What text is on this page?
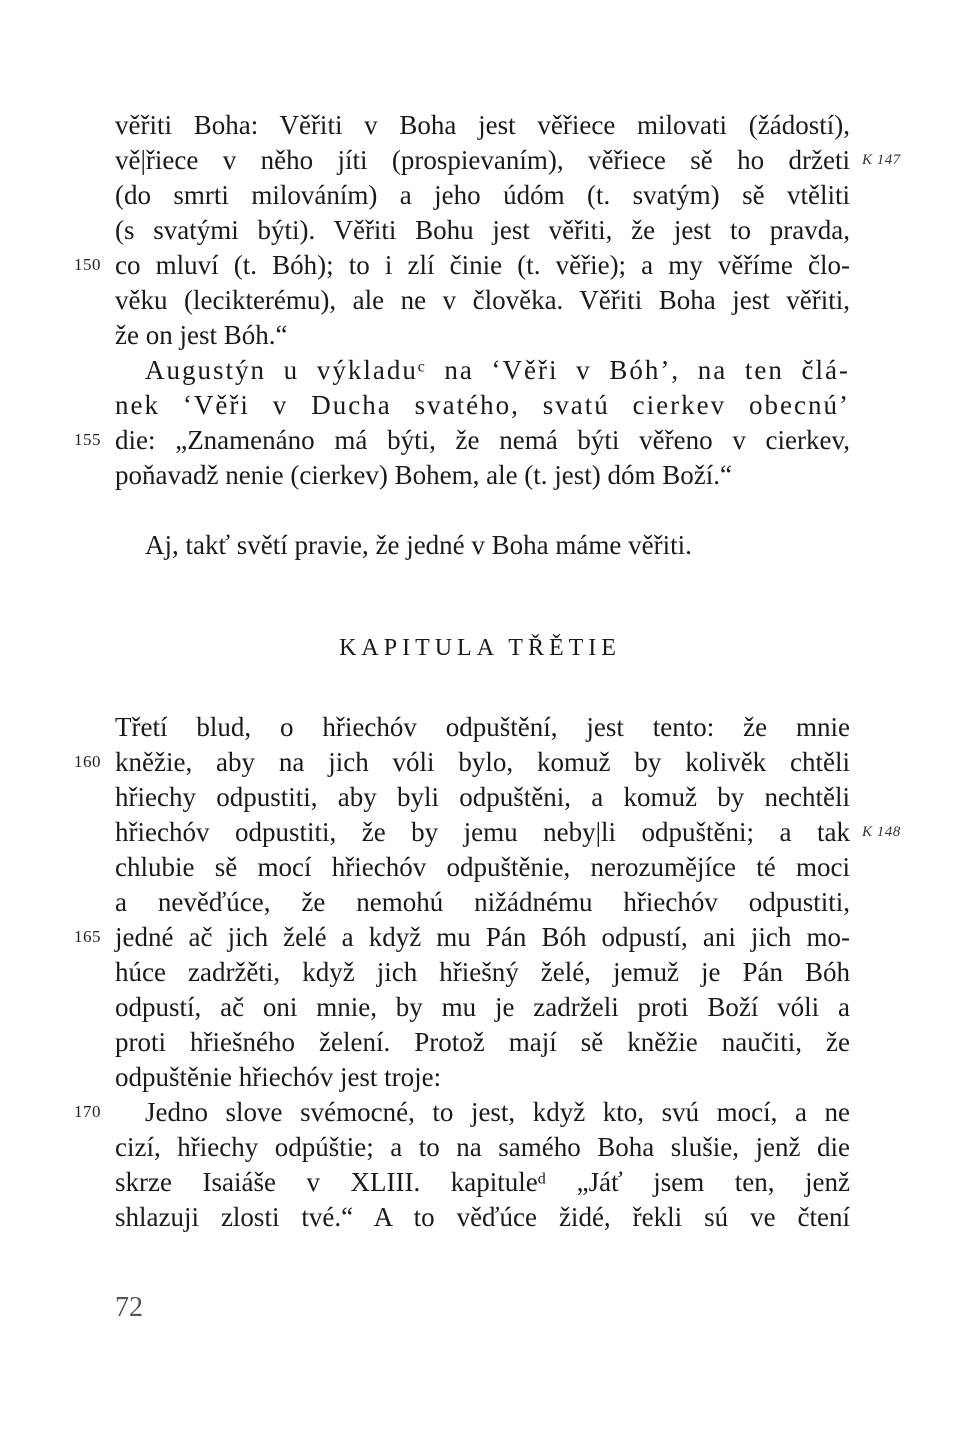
věřiti Boha: Věřiti v Boha jest věřiece milovati (žádostí),
vě|řiece v něho jíti (prospievaním), věřiece sě ho držeti
(do smrti milováním) a jeho údóm (t. svatým) sě vtěliti
(s svatými býti). Věřiti Bohu jest věřiti, že jest to pravda,
co mluví (t. Bóh); to i zlí činie (t. věřie); a my věříme člo-
věku (lecikterému), ale ne v člověka. Věřiti Boha jest věřiti,
že on jest Bóh.“
Augustýn u výkladuᶜ na ‘Věři v Bóh’, na ten člá-
nek ‘Věři v Ducha svatého, svatú cierkev obecnú’
die: „Znamenáno má býti, že nemá býti věřeno v cierkev,
poňavadž nenie (cierkev) Bohem, ale (t. jest) dóm Boží.“
Aj, takť světí pravie, že jedné v Boha máme věřiti.
Třetí blud, o hřiechóv odpuštění, jest tento: že mnie
kněžie, aby na jich vóli bylo, komuž by kolivěk chtěli
hřiechy odpustiti, aby byli odpuštěni, a komuž by nechtěli
hřiechóv odpustiti, že by jemu neby|li odpuštěni; a tak
chlubie sě mocí hřiechóv odpuštěnie, nerozumějíce té moci
a nevěďúce, že nemohú nižádnému hřiechóv odpustiti,
jedné ač jich želé a když mu Pán Bóh odpustí, ani jich mo-
húce zadržěti, když jich hřiešný želé, jemuž je Pán Bóh
odpustí, ač oni mnie, by mu je zadrželi proti Boží vóli a
proti hřiešného želení. Protož mají sě kněžie naučiti, že
odpuštěnie hřiechóv jest troje:
Jedno slove svémocné, to jest, když kto, svú mocí, a ne
cizí, hřiechy odpúštie; a to na samého Boha slušie, jenž die
skrze Isaiáše v XLIII. kapituleᵈ „Jáť jsem ten, jenž
shlazuji zlosti tvé.“ A to věďúce židé, řekli sú ve čtení
150
155
160
165
170
K 147
K 148
KAPITULA TŘĚTIE
72
